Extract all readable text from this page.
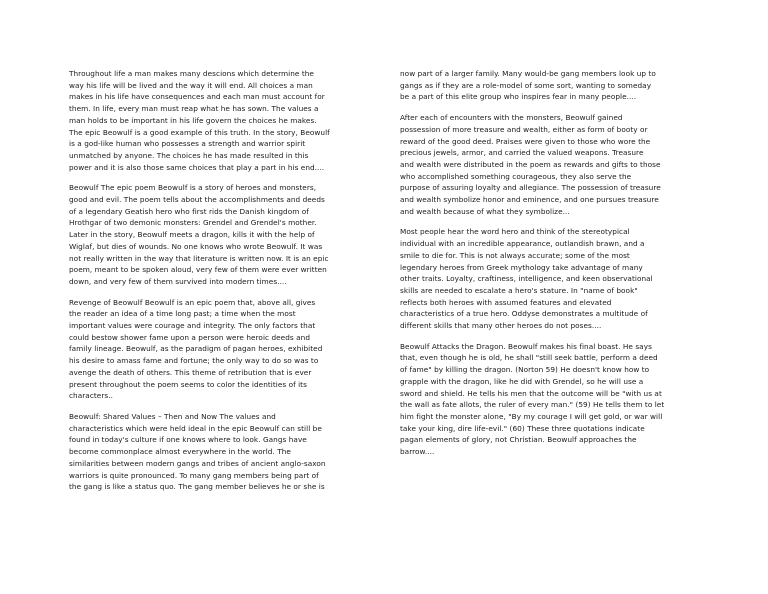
Throughout life a man makes many descions which determine the
way his life will be lived and the way it will end. All choices a man
makes in his life have consequences and each man must account for
them. In life, every man must reap what he has sown. The values a
man holds to be important in his life govern the choices he makes.
The epic Beowulf is a good example of this truth. In the story, Beowulf
is a god-like human who possesses a strength and warrior spirit
unmatched by anyone. The choices he has made resulted in this
power and it is also those same choices that play a part in his end....

Beowulf The epic poem Beowulf is a story of heroes and monsters,
good and evil. The poem tells about the accomplishments and deeds
of a legendary Geatish hero who first rids the Danish kingdom of
Hrothgar of two demonic monsters: Grendel and Grendel's mother.
Later in the story, Beowulf meets a dragon, kills it with the help of
Wiglaf, but dies of wounds. No one knows who wrote Beowulf. It was
not really written in the way that literature is written now. It is an epic
poem, meant to be spoken aloud, very few of them were ever written
down, and very few of them survived into modern times....

Revenge of Beowulf Beowulf is an epic poem that, above all, gives
the reader an idea of a time long past; a time when the most
important values were courage and integrity. The only factors that
could bestow shower fame upon a person were heroic deeds and
family lineage. Beowulf, as the paradigm of pagan heroes, exhibited
his desire to amass fame and fortune; the only way to do so was to
avenge the death of others. This theme of retribution that is ever
present throughout the poem seems to color the identities of its
characters..

Beowulf: Shared Values – Then and Now The values and
characteristics which were held ideal in the epic Beowulf can still be
found in today's culture if one knows where to look. Gangs have
become commonplace almost everywhere in the world. The
similarities between modern gangs and tribes of ancient anglo-saxon
warriors is quite pronounced. To many gang members being part of
the gang is like a status quo. The gang member believes he or she is

now part of a larger family. Many would-be gang members look up to
gangs as if they are a role-model of some sort, wanting to someday
be a part of this elite group who inspires fear in many people....

After each of encounters with the monsters, Beowulf gained
possession of more treasure and wealth, either as form of booty or
reward of the good deed. Praises were given to those who wore the
precious jewels, armor, and carried the valued weapons. Treasure
and wealth were distributed in the poem as rewards and gifts to those
who accomplished something courageous, they also serve the
purpose of assuring loyalty and allegiance. The possession of treasure
and wealth symbolize honor and eminence, and one pursues treasure
and wealth because of what they symbolize...

Most people hear the word hero and think of the stereotypical
individual with an incredible appearance, outlandish brawn, and a
smile to die for. This is not always accurate; some of the most
legendary heroes from Greek mythology take advantage of many
other traits. Loyalty, craftiness, intelligence, and keen observational
skills are needed to escalate a hero's stature. In "name of book"
reflects both heroes with assumed features and elevated
characteristics of a true hero. Oddyse demonstrates a multitude of
different skills that many other heroes do not poses....

Beowulf Attacks the Dragon. Beowulf makes his final boast. He says
that, even though he is old, he shall "still seek battle, perform a deed
of fame" by killing the dragon. (Norton 59) He doesn't know how to
grapple with the dragon, like he did with Grendel, so he will use a
sword and shield. He tells his men that the outcome will be "with us at
the wall as fate allots, the ruler of every man." (59) He tells them to let
him fight the monster alone, "By my courage I will get gold, or war will
take your king, dire life-evil." (60) These three quotations indicate
pagan elements of glory, not Christian. Beowulf approaches the
barrow....
